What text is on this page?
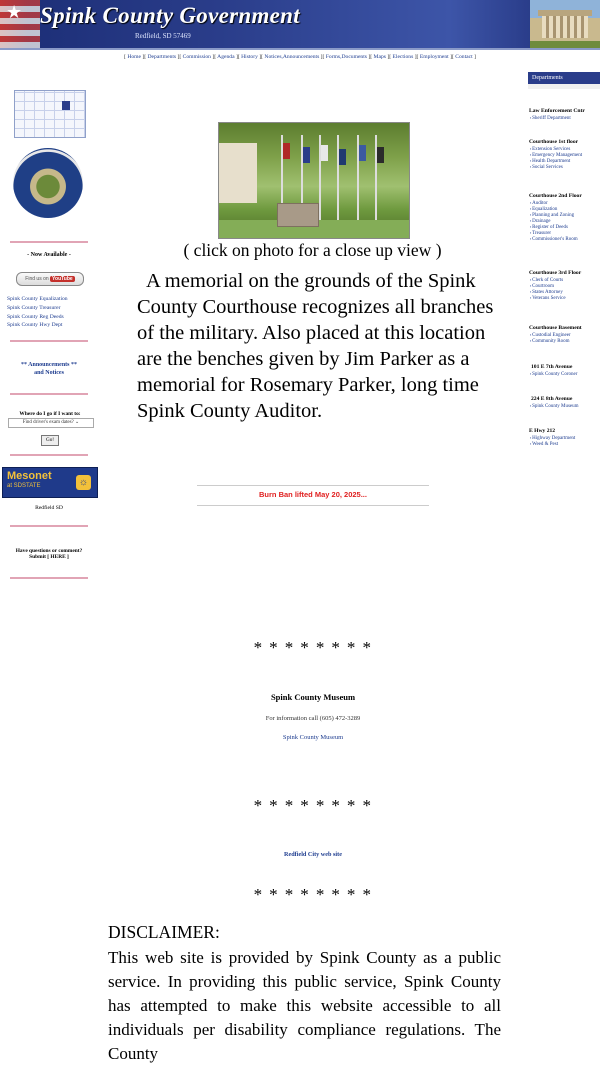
★ Spink County Government
Redfield, SD 57469
[ Home ][ Departments ][ Commission ][ Agenda ][ History ][ Notices,Announcements ][ Forms,Documents ][ Maps ][ Elections ][ Employment ][ Contact ]
- Now Available -
Find us on YouTube
Spink County Equalization
Spink County Treasurer
Spink County Reg Deeds
Spink County Hwy Dept
** Announcements **
and Notices
Where do I go if I want to:
Find driver's exam dates? ⌄
Go!
Mesonet
at SDSTATE	☼
Redfield SD
Have questions or comment?
Submit [ HERE ]
( click on photo for a close up view )
A memorial on the grounds of the Spink County Courthouse recognizes all branches of the military. Also placed at this location are the benches given by Jim Parker as a memorial for Rosemary Parker, long time Spink County Auditor.
Burn Ban lifted May 20, 2025...
* * * * * * * *
Spink County Museum
For information call (605) 472-3289
Spink County Museum
* * * * * * * *
Redfield City web site
* * * * * * * *
DISCLAIMER:
This web site is provided by Spink County as a public service. In providing this public service, Spink County has attempted to make this website accessible to all individuals per disability compliance regulations. The County
Departments
Law Enforcement Cntr
▪ Sheriff Department
Courthouse 1st floor
▪ Extension Services
▪ Emergency Management
▪ Health Department
▪ Social Services
Courthouse 2nd Floor
▪ Auditor
▪ Equalization
▪ Planning and Zoning
▪ Drainage
▪ Register of Deeds
▪ Treasurer
▪ Commissioner's Room
Courthouse 3rd Floor
▪ Clerk of Courts
▪ Courtroom
▪ States Attorney
▪ Veterans Service
Courthouse Basement
▪ Custodial Engineer
▪ Community Room
101 E 7th Avenue
▪ Spink County Coroner
224 E 8th Avenue
▪ Spink County Museum
E Hwy 212
▪ Highway Department
▪ Weed & Pest
